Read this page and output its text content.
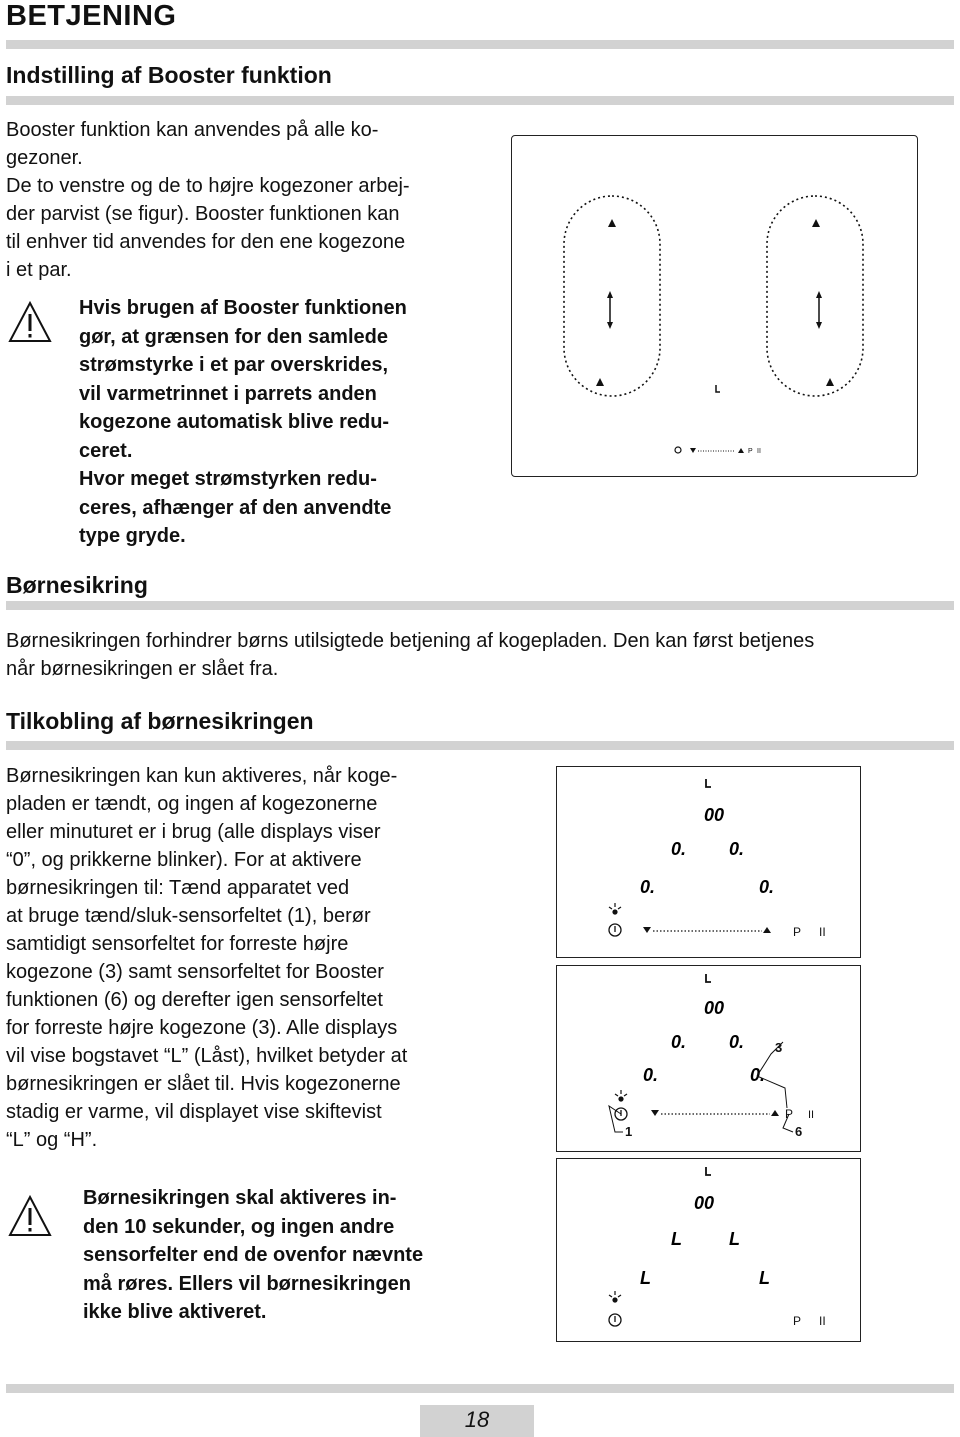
BETJENING
Indstilling af Booster funktion

Booster funktion kan anvendes på alle ko-

gezoner.

De to venstre og de to højre kogezoner arbej-

der parvist (se figur). Booster funktionen kan

til enhver tid anvendes for den ene kogezone

i et par.

Hvis brugen af Booster funktionen

gør, at grænsen for den samlede

strømstyrke i et par overskrides,

vil varmetrinnet i parrets anden

kogezone automatisk blive redu-

ceret.

Hvor meget strømstyrken redu-

ceres, afhænger af den anvendte

type gryde.

P II
Børnesikring

Børnesikringen forhindrer børns utilsigtede betjening af kogepladen. Den kan først betjenes

når børnesikringen er slået fra.

Tilkobling af børnesikringen

Børnesikringen kan kun aktiveres, når koge-

pladen er tændt, og ingen af kogezonerne

eller minuturet er i brug (alle displays viser

“0”, og prikkerne blinker). For at aktivere

børnesikringen til: Tænd apparatet ved

at bruge tænd/sluk-sensorfeltet (1), berør

samtidigt sensorfeltet for forreste højre

kogezone (3) samt sensorfeltet for Booster

funktionen (6) og derefter igen sensorfeltet

for forreste højre kogezone (3). Alle displays

vil vise bogstavet “L” (Låst), hvilket betyder at

børnesikringen er slået til. Hvis kogezonerne

stadig er varme, vil displayet vise skiftevist

“L” og “H”.

Børnesikringen skal aktiveres in-

den 10 sekunder, og ingen andre

sensorfelter end de ovenfor nævnte

må røres. Ellers vil børnesikringen

ikke blive aktiveret.

00
0. 0.
0.	0.
P II
00
0. 0.
0.	0.
P II
1	6
3
00
L	L
L	L
P II
18
